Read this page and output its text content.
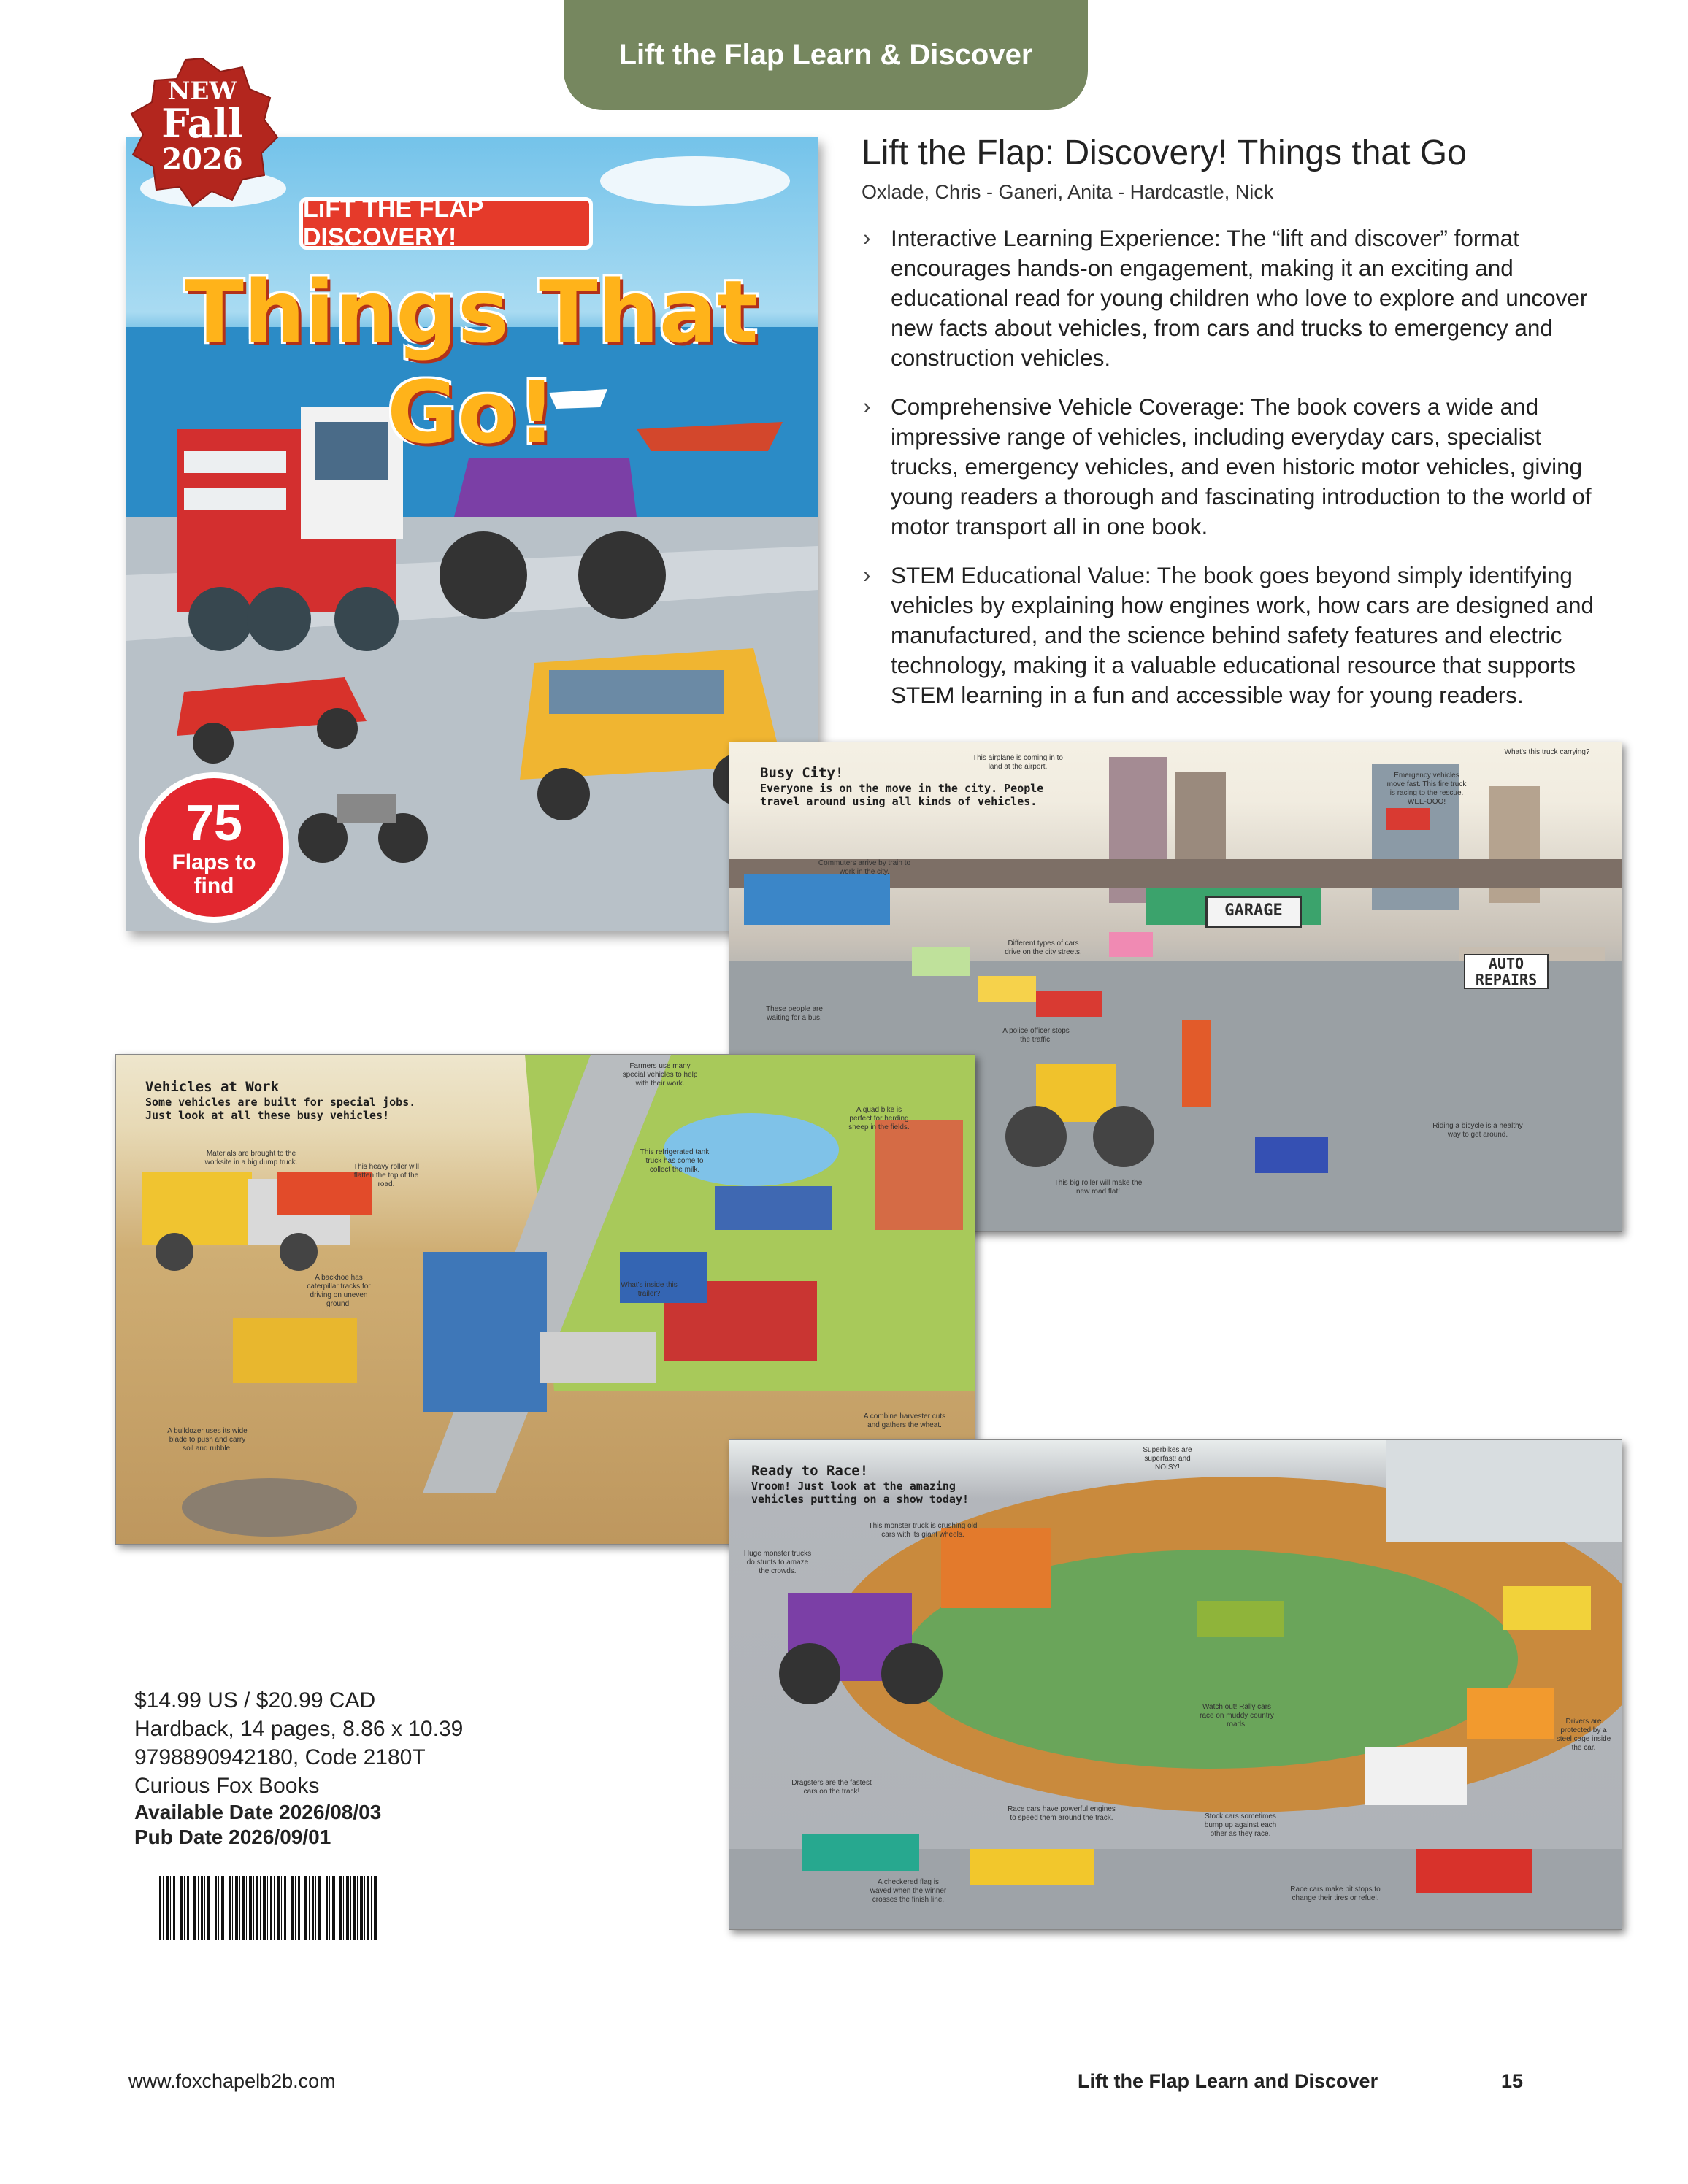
Lift the Flap Learn & Discover
LiFT THE FLAP DISCOVERY!
Things That Go!
75
Flaps to
find
NEW
Fall
2026	Lift the Flap: Discovery! Things that Go
Oxlade, Chris - Ganeri, Anita - Hardcastle, Nick
› Interactive Learning Experience: The “lift and discover” format encourages hands-on engagement, making it an exciting and educational read for young children who love to explore and uncover new facts about vehicles, from cars and trucks to emergency and construction vehicles.
› Comprehensive Vehicle Coverage: The book covers a wide and impressive range of vehicles, including everyday cars, specialist trucks, emergency vehicles, and even historic motor vehicles, giving young readers a thorough and fascinating introduction to the world of motor transport all in one book.
› STEM Educational Value: The book goes beyond simply identifying vehicles by explaining how engines work, how cars are designed and manufactured, and the science behind safety features and electric technology, making it a valuable educational resource that supports STEM learning in a fun and accessible way for young readers.
Busy City!
Everyone is on the move in the city. People
travel around using all kinds of vehicles.
GARAGE
AUTO
REPAIRS
This airplane is coming in to land at the airport.
What's this truck carrying?
Emergency vehicles move fast. This fire truck is racing to the rescue. WEE-OOO!
Commuters arrive by train to work in the city.
Different types of cars drive on the city streets.
These people are waiting for a bus.
A police officer stops the traffic.
This big roller will make the new road flat!
Riding a bicycle is a healthy way to get around.
Vehicles at Work
Some vehicles are built for special jobs.
Just look at all these busy vehicles!
Materials are brought to the worksite in a big dump truck.
This heavy roller will flatten the top of the road.
Farmers use many special vehicles to help with their work.
This refrigerated tank truck has come to collect the milk.
A quad bike is perfect for herding sheep in the fields.
A backhoe has caterpillar tracks for driving on uneven ground.
What's inside this trailer?
A bulldozer uses its wide blade to push and carry soil and rubble.
A combine harvester cuts and gathers the wheat.
Ready to Race!
Vroom! Just look at the amazing
vehicles putting on a show today!
This monster truck is crushing old cars with its giant wheels.
Huge monster trucks do stunts to amaze the crowds.
Superbikes are superfast! and NOISY!
Watch out! Rally cars race on muddy country roads.
Dragsters are the fastest cars on the track!
Race cars have powerful engines to speed them around the track.	Stock cars sometimes bump up against each other as they race.
A checkered flag is waved when the winner crosses the finish line.
Race cars make pit stops to change their tires or refuel.
Drivers are protected by a steel cage inside the car.
$14.99 US / $20.99 CAD
Hardback, 14 pages, 8.86 x 10.39
9798890942180, Code 2180T
Curious Fox Books
Available Date 2026/08/03
Pub Date 2026/09/01
www.foxchapelb2b.com	Lift the Flap Learn and Discover	15
